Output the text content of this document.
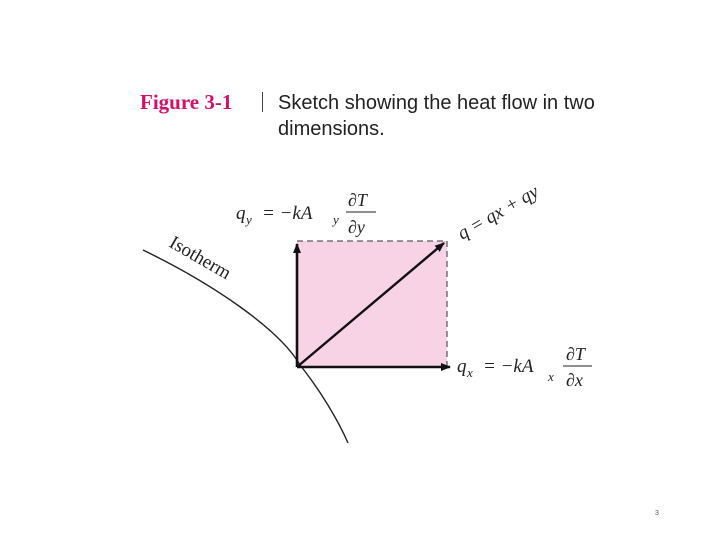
Figure 3-1 Sketch showing the heat flow in two dimensions.
Isotherm
q = qx + qy
q y = −kA y
∂T
∂y
q x = −kA x
∂T
∂x
3
